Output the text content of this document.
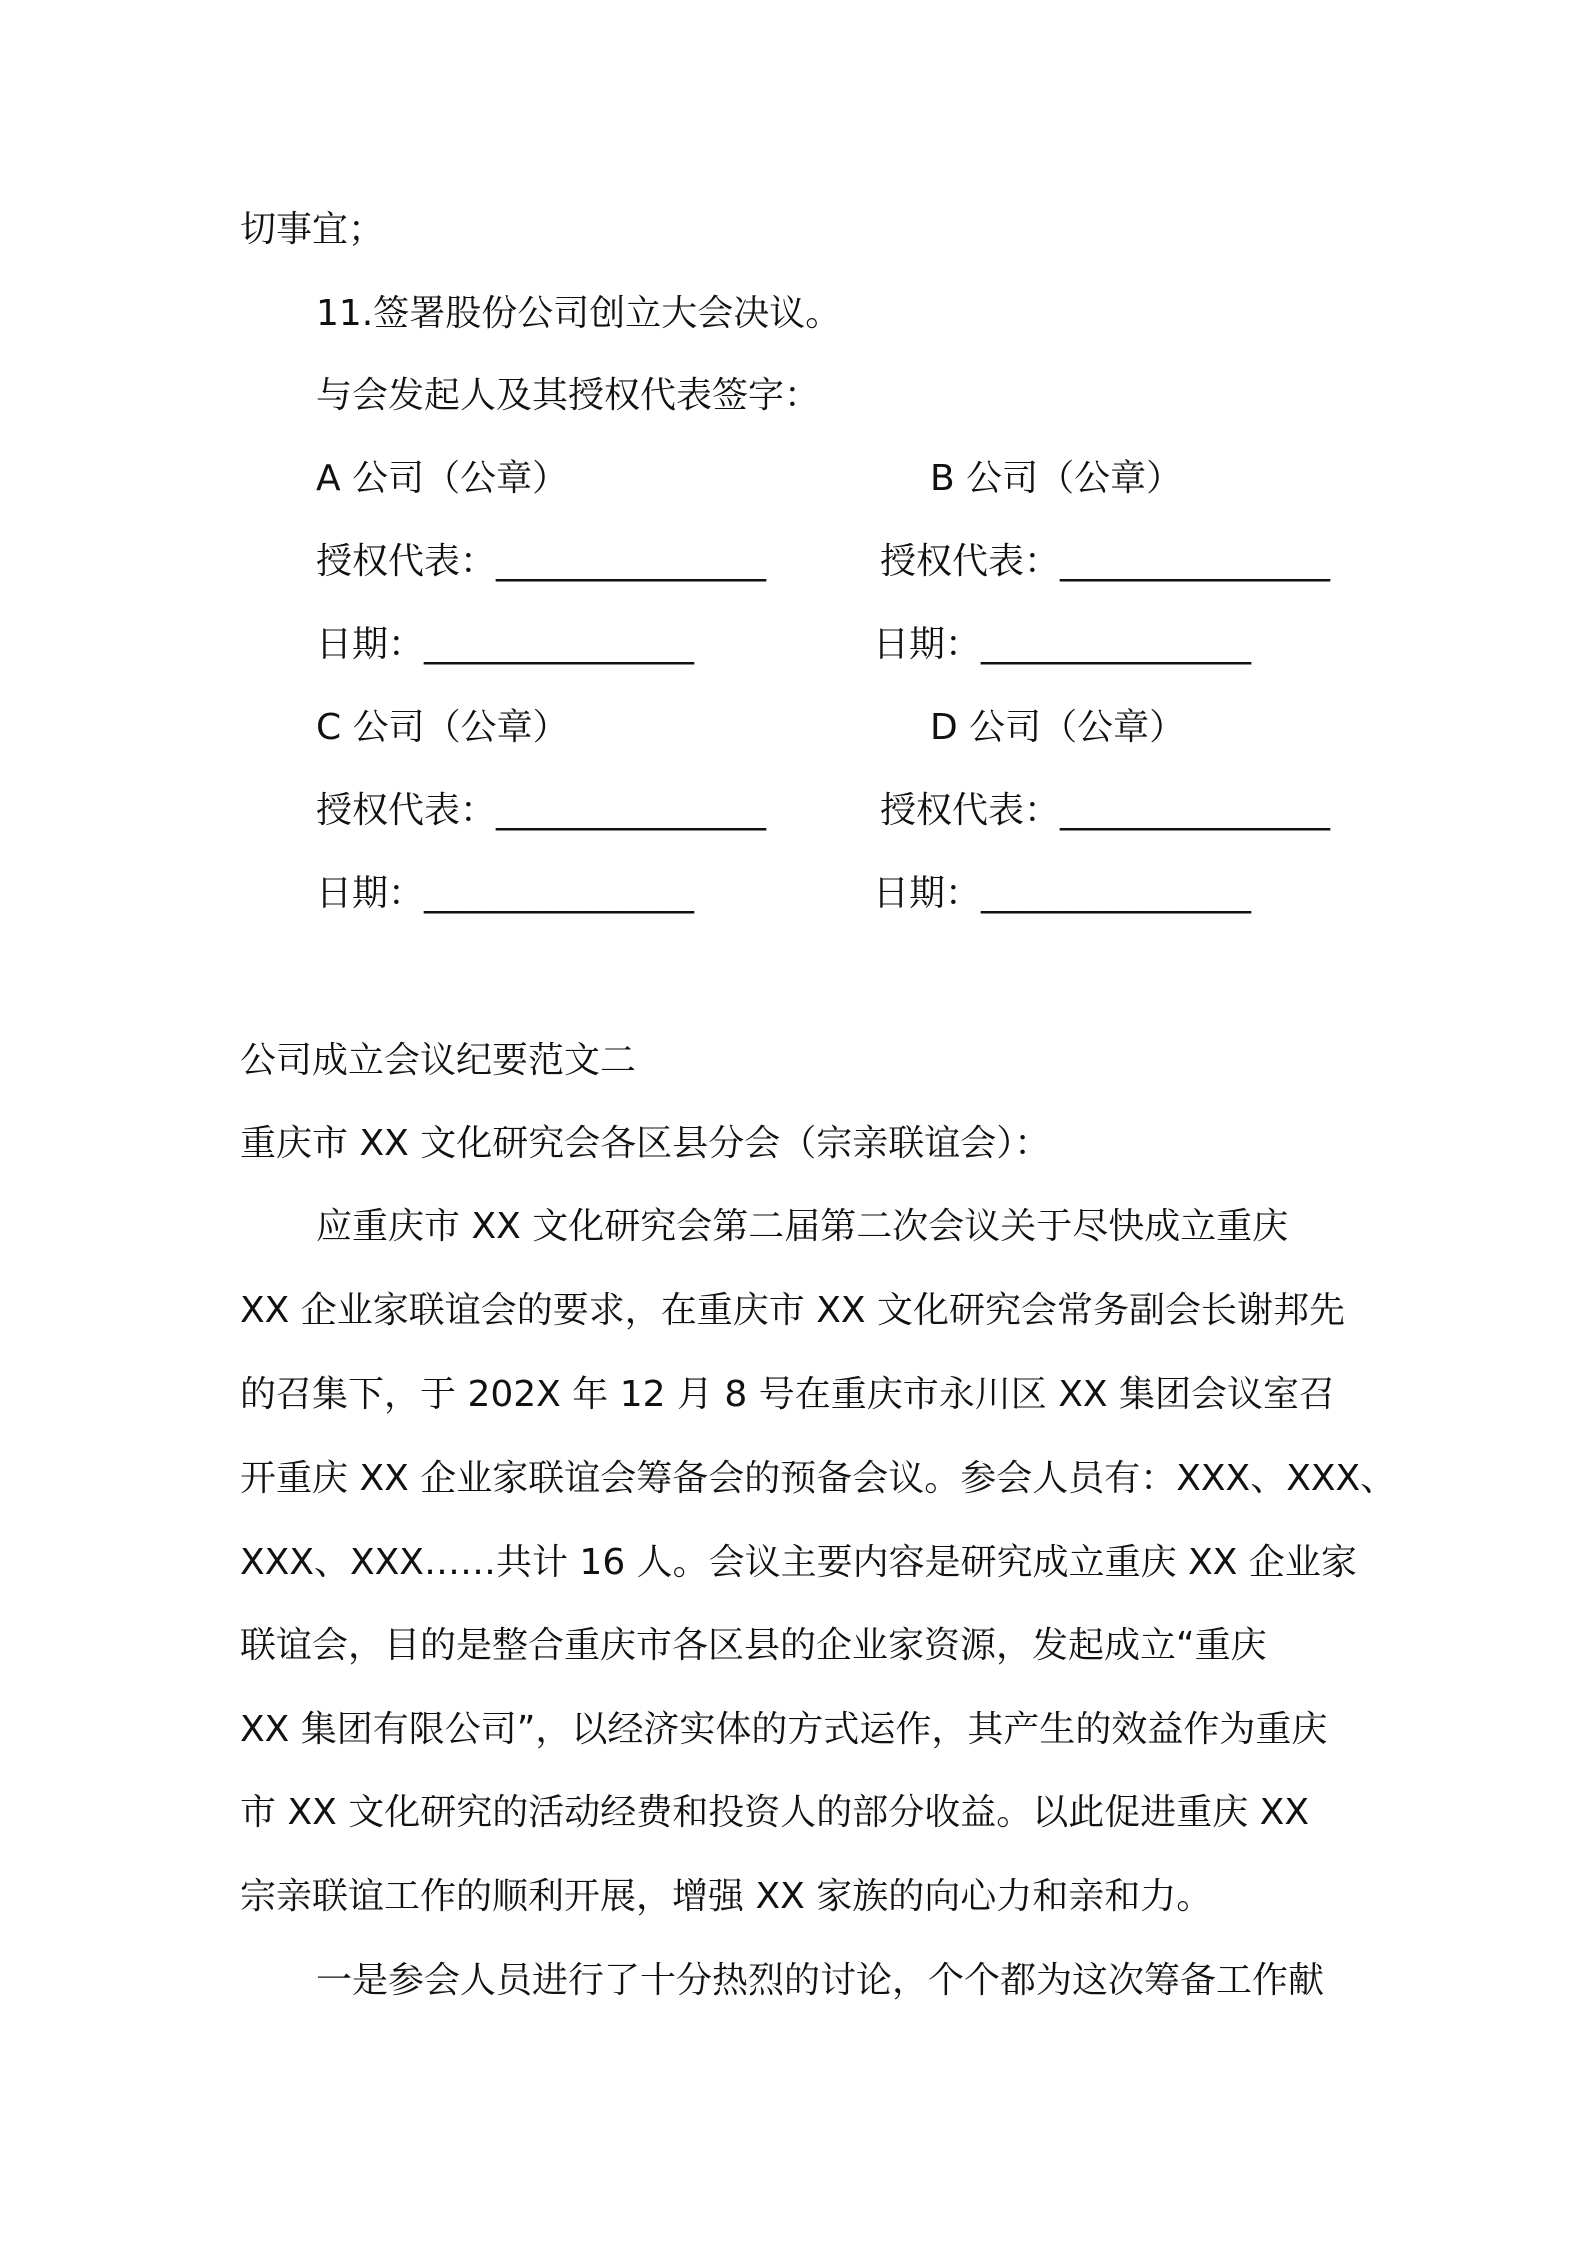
切事宜；
11.签署股份公司创立大会决议。
与会发起人及其授权代表签字：
A 公司（公章）	B 公司（公章）
授权代表：_______________	授权代表：_______________
日期：_______________	日期：_______________
C 公司（公章）	D 公司（公章）
授权代表：_______________	授权代表：_______________
日期：_______________	日期：_______________
公司成立会议纪要范文二
重庆市 XX 文化研究会各区县分会（宗亲联谊会）：
应重庆市 XX 文化研究会第二届第二次会议关于尽快成立重庆
XX 企业家联谊会的要求，在重庆市 XX 文化研究会常务副会长谢邦先
的召集下，于 202X 年 12 月 8 号在重庆市永川区 XX 集团会议室召
开重庆 XX 企业家联谊会筹备会的预备会议。参会人员有：XXX、XXX、
XXX、XXX……共计 16 人。会议主要内容是研究成立重庆 XX 企业家
联谊会，目的是整合重庆市各区县的企业家资源，发起成立“重庆
XX 集团有限公司”，以经济实体的方式运作，其产生的效益作为重庆
市 XX 文化研究的活动经费和投资人的部分收益。以此促进重庆 XX
宗亲联谊工作的顺利开展，增强 XX 家族的向心力和亲和力。
一是参会人员进行了十分热烈的讨论，个个都为这次筹备工作献
